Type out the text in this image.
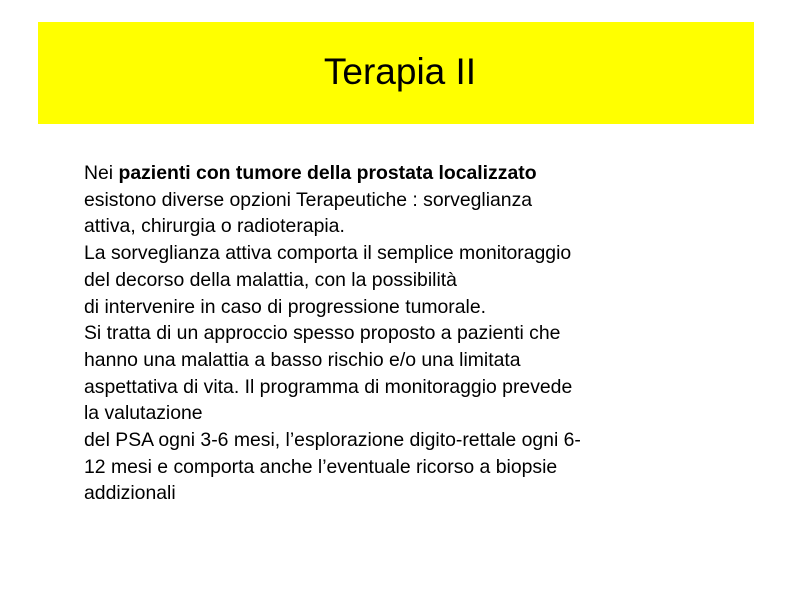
Terapia II
Nei pazienti con tumore della prostata localizzato
esistono diverse opzioni Terapeutiche : sorveglianza
attiva, chirurgia o radioterapia.
La sorveglianza attiva comporta il semplice monitoraggio
del decorso della malattia, con la possibilità
di intervenire in caso di progressione tumorale.
Si tratta di un approccio spesso proposto a pazienti che
hanno una malattia a basso rischio e/o una limitata
aspettativa di vita. Il programma di monitoraggio prevede
la valutazione
del PSA ogni 3-6 mesi, l’esplorazione digito-rettale ogni 6-
12 mesi e comporta anche l’eventuale ricorso a biopsie
addizionali
